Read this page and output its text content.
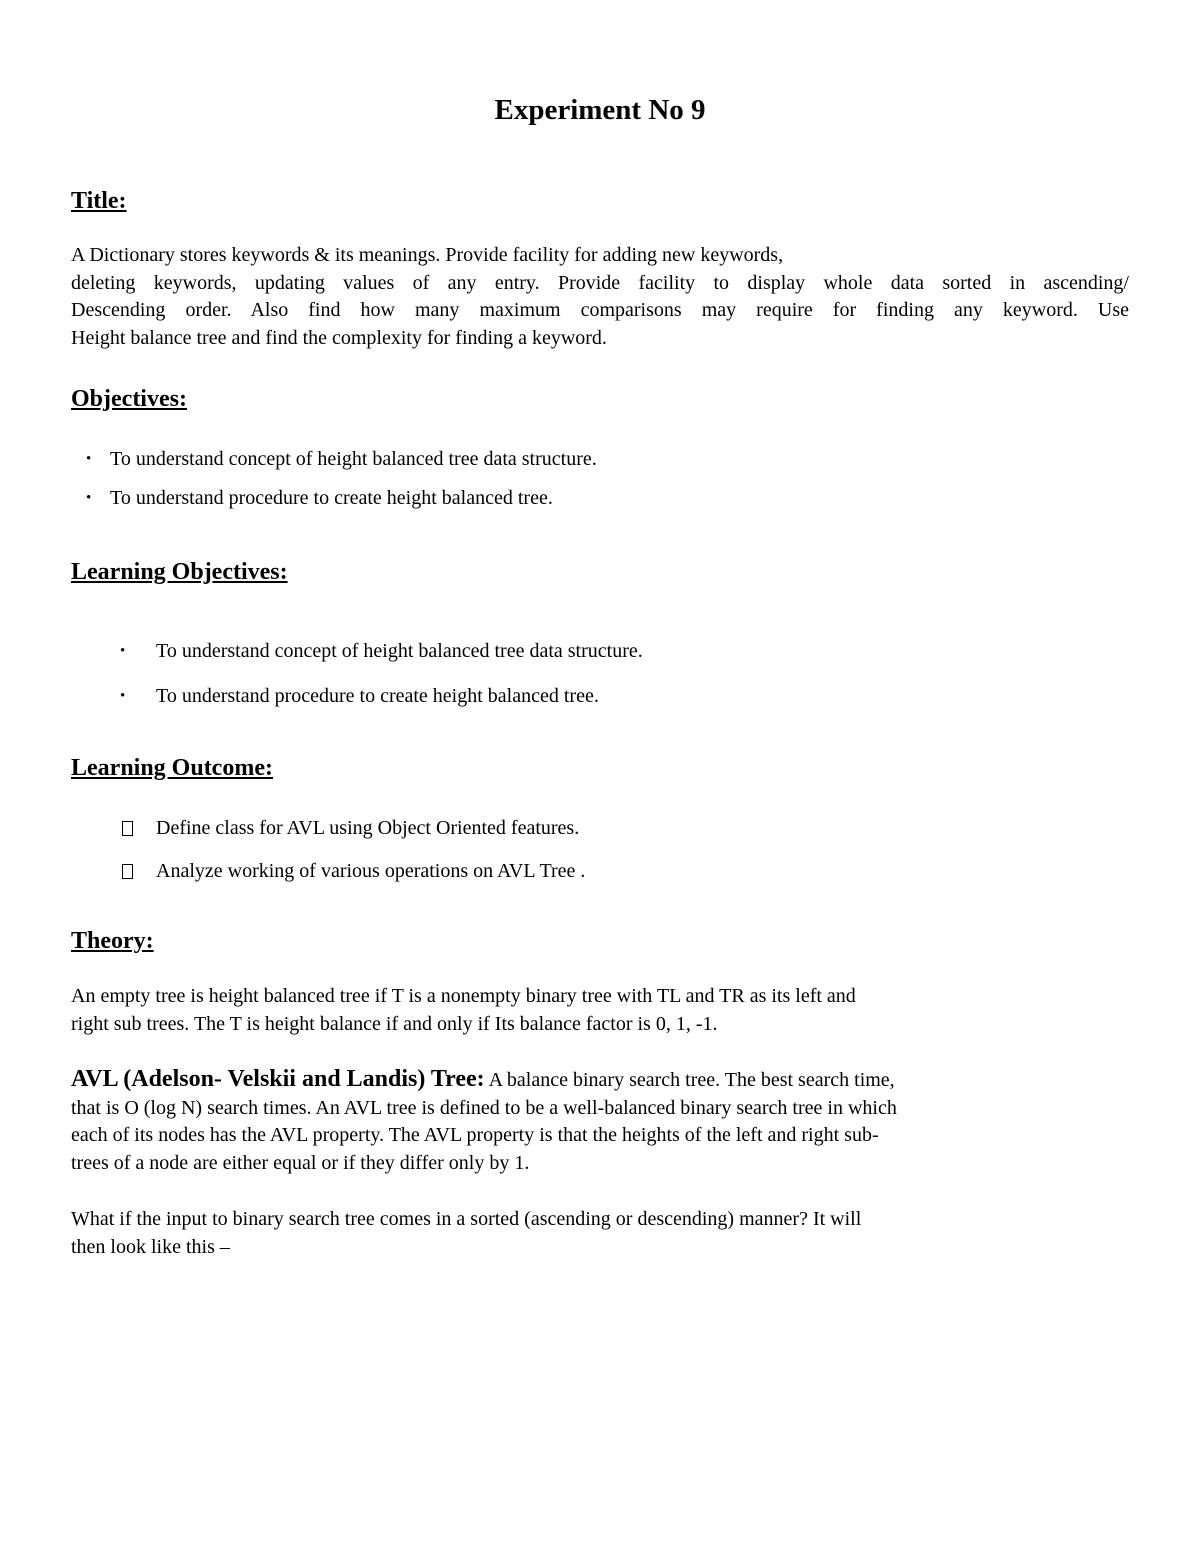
Experiment No 9
Title:
A Dictionary stores keywords & its meanings. Provide facility for adding new keywords,
deleting keywords, updating values of any entry. Provide facility to display whole data sorted in ascending/
Descending order. Also find how many maximum comparisons may require for finding any keyword. Use
Height balance tree and find the complexity for finding a keyword.
Objectives:
• To understand concept of height balanced tree data structure.
• To understand procedure to create height balanced tree.
Learning Objectives:
• To understand concept of height balanced tree data structure.
• To understand procedure to create height balanced tree.
Learning Outcome:
Define class for AVL using Object Oriented features.
Analyze working of various operations on AVL Tree .
Theory:
An empty tree is height balanced tree if T is a nonempty binary tree with TL and TR as its left and
right sub trees. The T is height balance if and only if Its balance factor is 0, 1, -1.
AVL (Adelson- Velskii and Landis) Tree: A balance binary search tree. The best search time,
that is O (log N) search times. An AVL tree is defined to be a well-balanced binary search tree in which
each of its nodes has the AVL property. The AVL property is that the heights of the left and right sub-
trees of a node are either equal or if they differ only by 1.
What if the input to binary search tree comes in a sorted (ascending or descending) manner? It will
then look like this –
